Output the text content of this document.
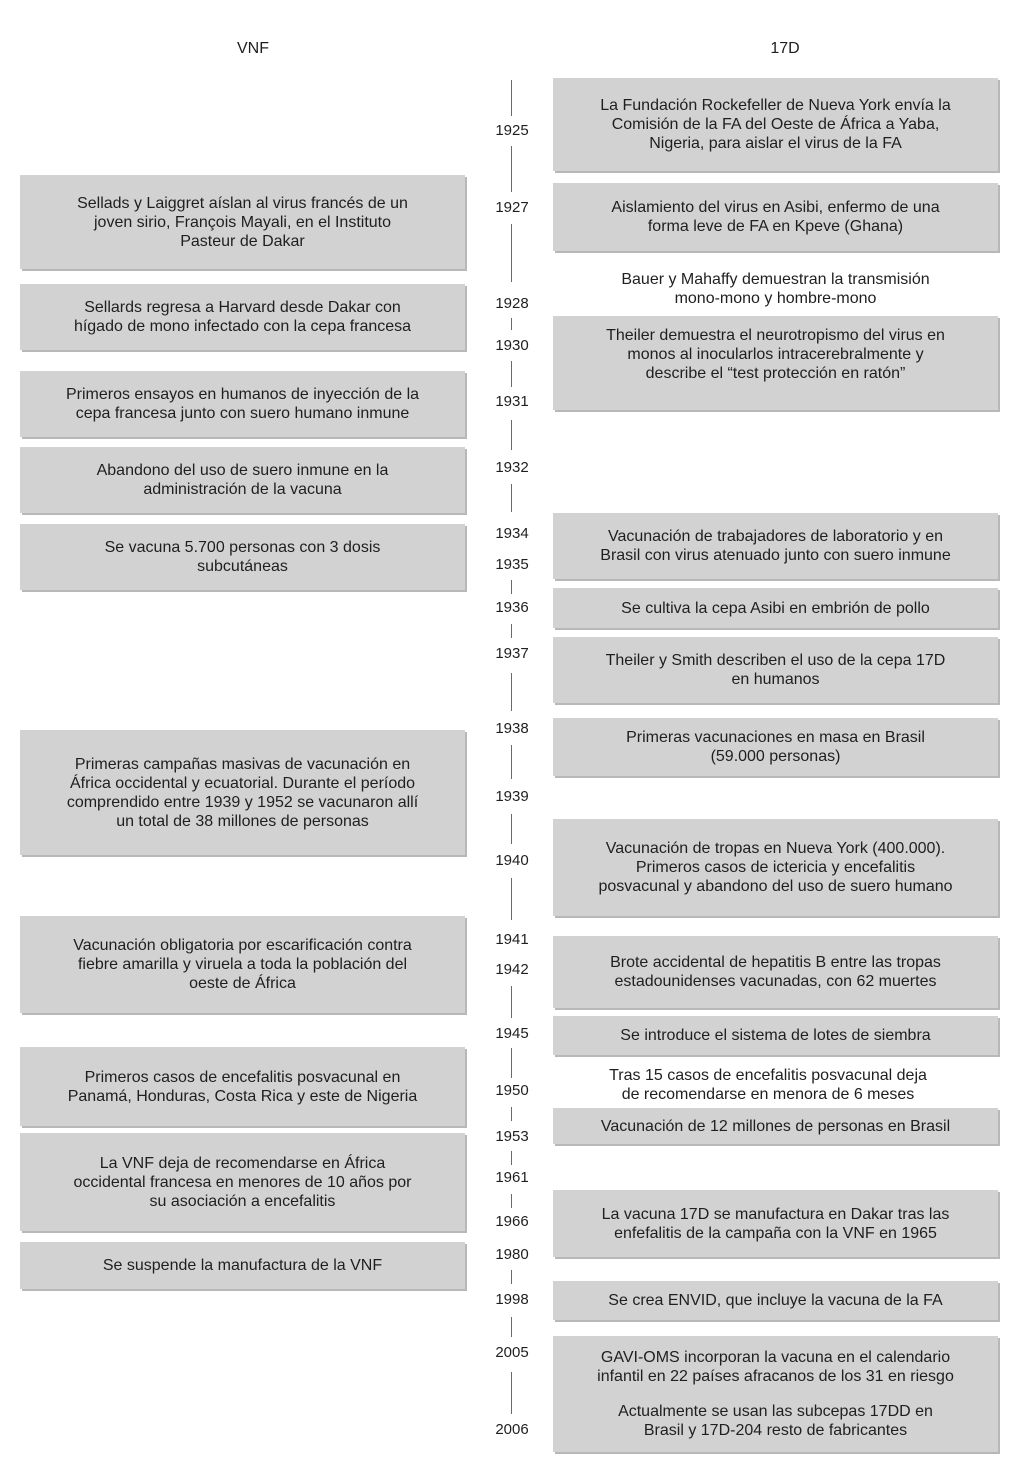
VNF	17D
1925
1927
1928
1930
1931
1932
1934
1935
1936
1937
1938
1939
1940
1941
1942
1945
1950
1953
1961
1966
1980
1998
2005
2006
Sellads y Laiggret aíslan al virus francés de un
joven sirio, François Mayali, en el Instituto
Pasteur de Dakar
Sellards regresa a Harvard desde Dakar con
hígado de mono infectado con la cepa francesa
Primeros ensayos en humanos de inyección de la
cepa francesa junto con suero humano inmune
Abandono del uso de suero inmune en la
administración de la vacuna
Se vacuna 5.700 personas con 3 dosis
subcutáneas
Primeras campañas masivas de vacunación en
África occidental y ecuatorial. Durante el período
comprendido entre 1939 y 1952 se vacunaron allí
un total de 38 millones de personas
Vacunación obligatoria por escarificación contra
fiebre amarilla y viruela a toda la población del
oeste de África
Primeros casos de encefalitis posvacunal en
Panamá, Honduras, Costa Rica y este de Nigeria
La VNF deja de recomendarse en África
occidental francesa en menores de 10 años por
su asociación a encefalitis
Se suspende la manufactura de la VNF
La Fundación Rockefeller de Nueva York envía la
Comisión de la FA del Oeste de África a Yaba,
Nigeria, para aislar el virus de la FA
Aislamiento del virus en Asibi, enfermo de una
forma leve de FA en Kpeve (Ghana)
Bauer y Mahaffy demuestran la transmisión
mono-mono y hombre-mono
Theiler demuestra el neurotropismo del virus en
monos al inocularlos intracerebralmente y
describe el “test protección en ratón”
Vacunación de trabajadores de laboratorio y en
Brasil con virus atenuado junto con suero inmune
Se cultiva la cepa Asibi en embrión de pollo
Theiler y Smith describen el uso de la cepa 17D
en humanos
Primeras vacunaciones en masa en Brasil
(59.000 personas)
Vacunación de tropas en Nueva York (400.000).
Primeros casos de ictericia y encefalitis
posvacunal y abandono del uso de suero humano
Brote accidental de hepatitis B entre las tropas
estadounidenses vacunadas, con 62 muertes
Se introduce el sistema de lotes de siembra
Tras 15 casos de encefalitis posvacunal deja
de recomendarse en menora de 6 meses
Vacunación de 12 millones de personas en Brasil
La vacuna 17D se manufactura en Dakar tras las
enfefalitis de la campaña con la VNF en 1965
Se crea ENVID, que incluye la vacuna de la FA
GAVI-OMS incorporan la vacuna en el calendario
infantil en 22 países afracanos de los 31 en riesgo
Actualmente se usan las subcepas 17DD en
Brasil y 17D-204 resto de fabricantes
